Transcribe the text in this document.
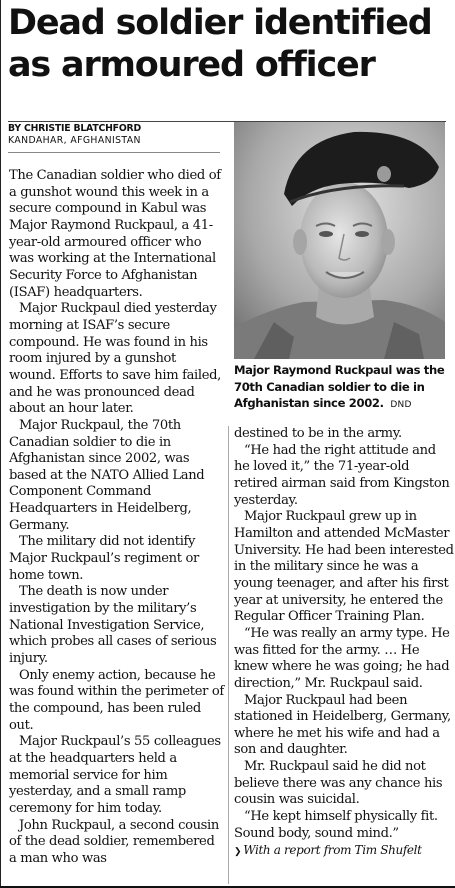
Dead soldier identified as armoured officer
BY CHRISTIE BLATCHFORD
KANDAHAR, AFGHANISTAN
Major Raymond Ruckpaul was the 70th Canadian soldier to die in Afghanistan since 2002. DND

The Canadian soldier who died of a gunshot wound this week in a secure compound in Kabul was Major Raymond Ruckpaul, a 41-year-old armoured officer who was working at the International Security Force to Afghanistan (ISAF) headquarters.

Major Ruckpaul died yesterday morning at ISAF’s secure compound. He was found in his room injured by a gunshot wound. Efforts to save him failed, and he was pronounced dead about an hour later.

Major Ruckpaul, the 70th Canadian soldier to die in Afghanistan since 2002, was based at the NATO Allied Land Component Command Headquarters in Heidelberg, Germany.

The military did not identify Major Ruckpaul’s regiment or home town.

The death is now under investigation by the military’s National Investigation Service, which probes all cases of serious injury.

Only enemy action, because he was found within the perimeter of the compound, has been ruled out.

Major Ruckpaul’s 55 colleagues at the headquarters held a memorial service for him yesterday, and a small ramp ceremony for him today.

John Ruckpaul, a second cousin of the dead soldier, remembered a man who was

destined to be in the army.

“He had the right attitude and he loved it,” the 71-year-old retired airman said from Kingston yesterday.

Major Ruckpaul grew up in Hamilton and attended McMaster University. He had been interested in the military since he was a young teenager, and after his first year at university, he entered the Regular Officer Training Plan.

“He was really an army type. He was fitted for the army. … He knew where he was going; he had direction,” Mr. Ruckpaul said.

Major Ruckpaul had been stationed in Heidelberg, Germany, where he met his wife and had a son and daughter.

Mr. Ruckpaul said he did not believe there was any chance his cousin was suicidal.

“He kept himself physically fit. Sound body, sound mind.”

❯ With a report from Tim Shufelt
